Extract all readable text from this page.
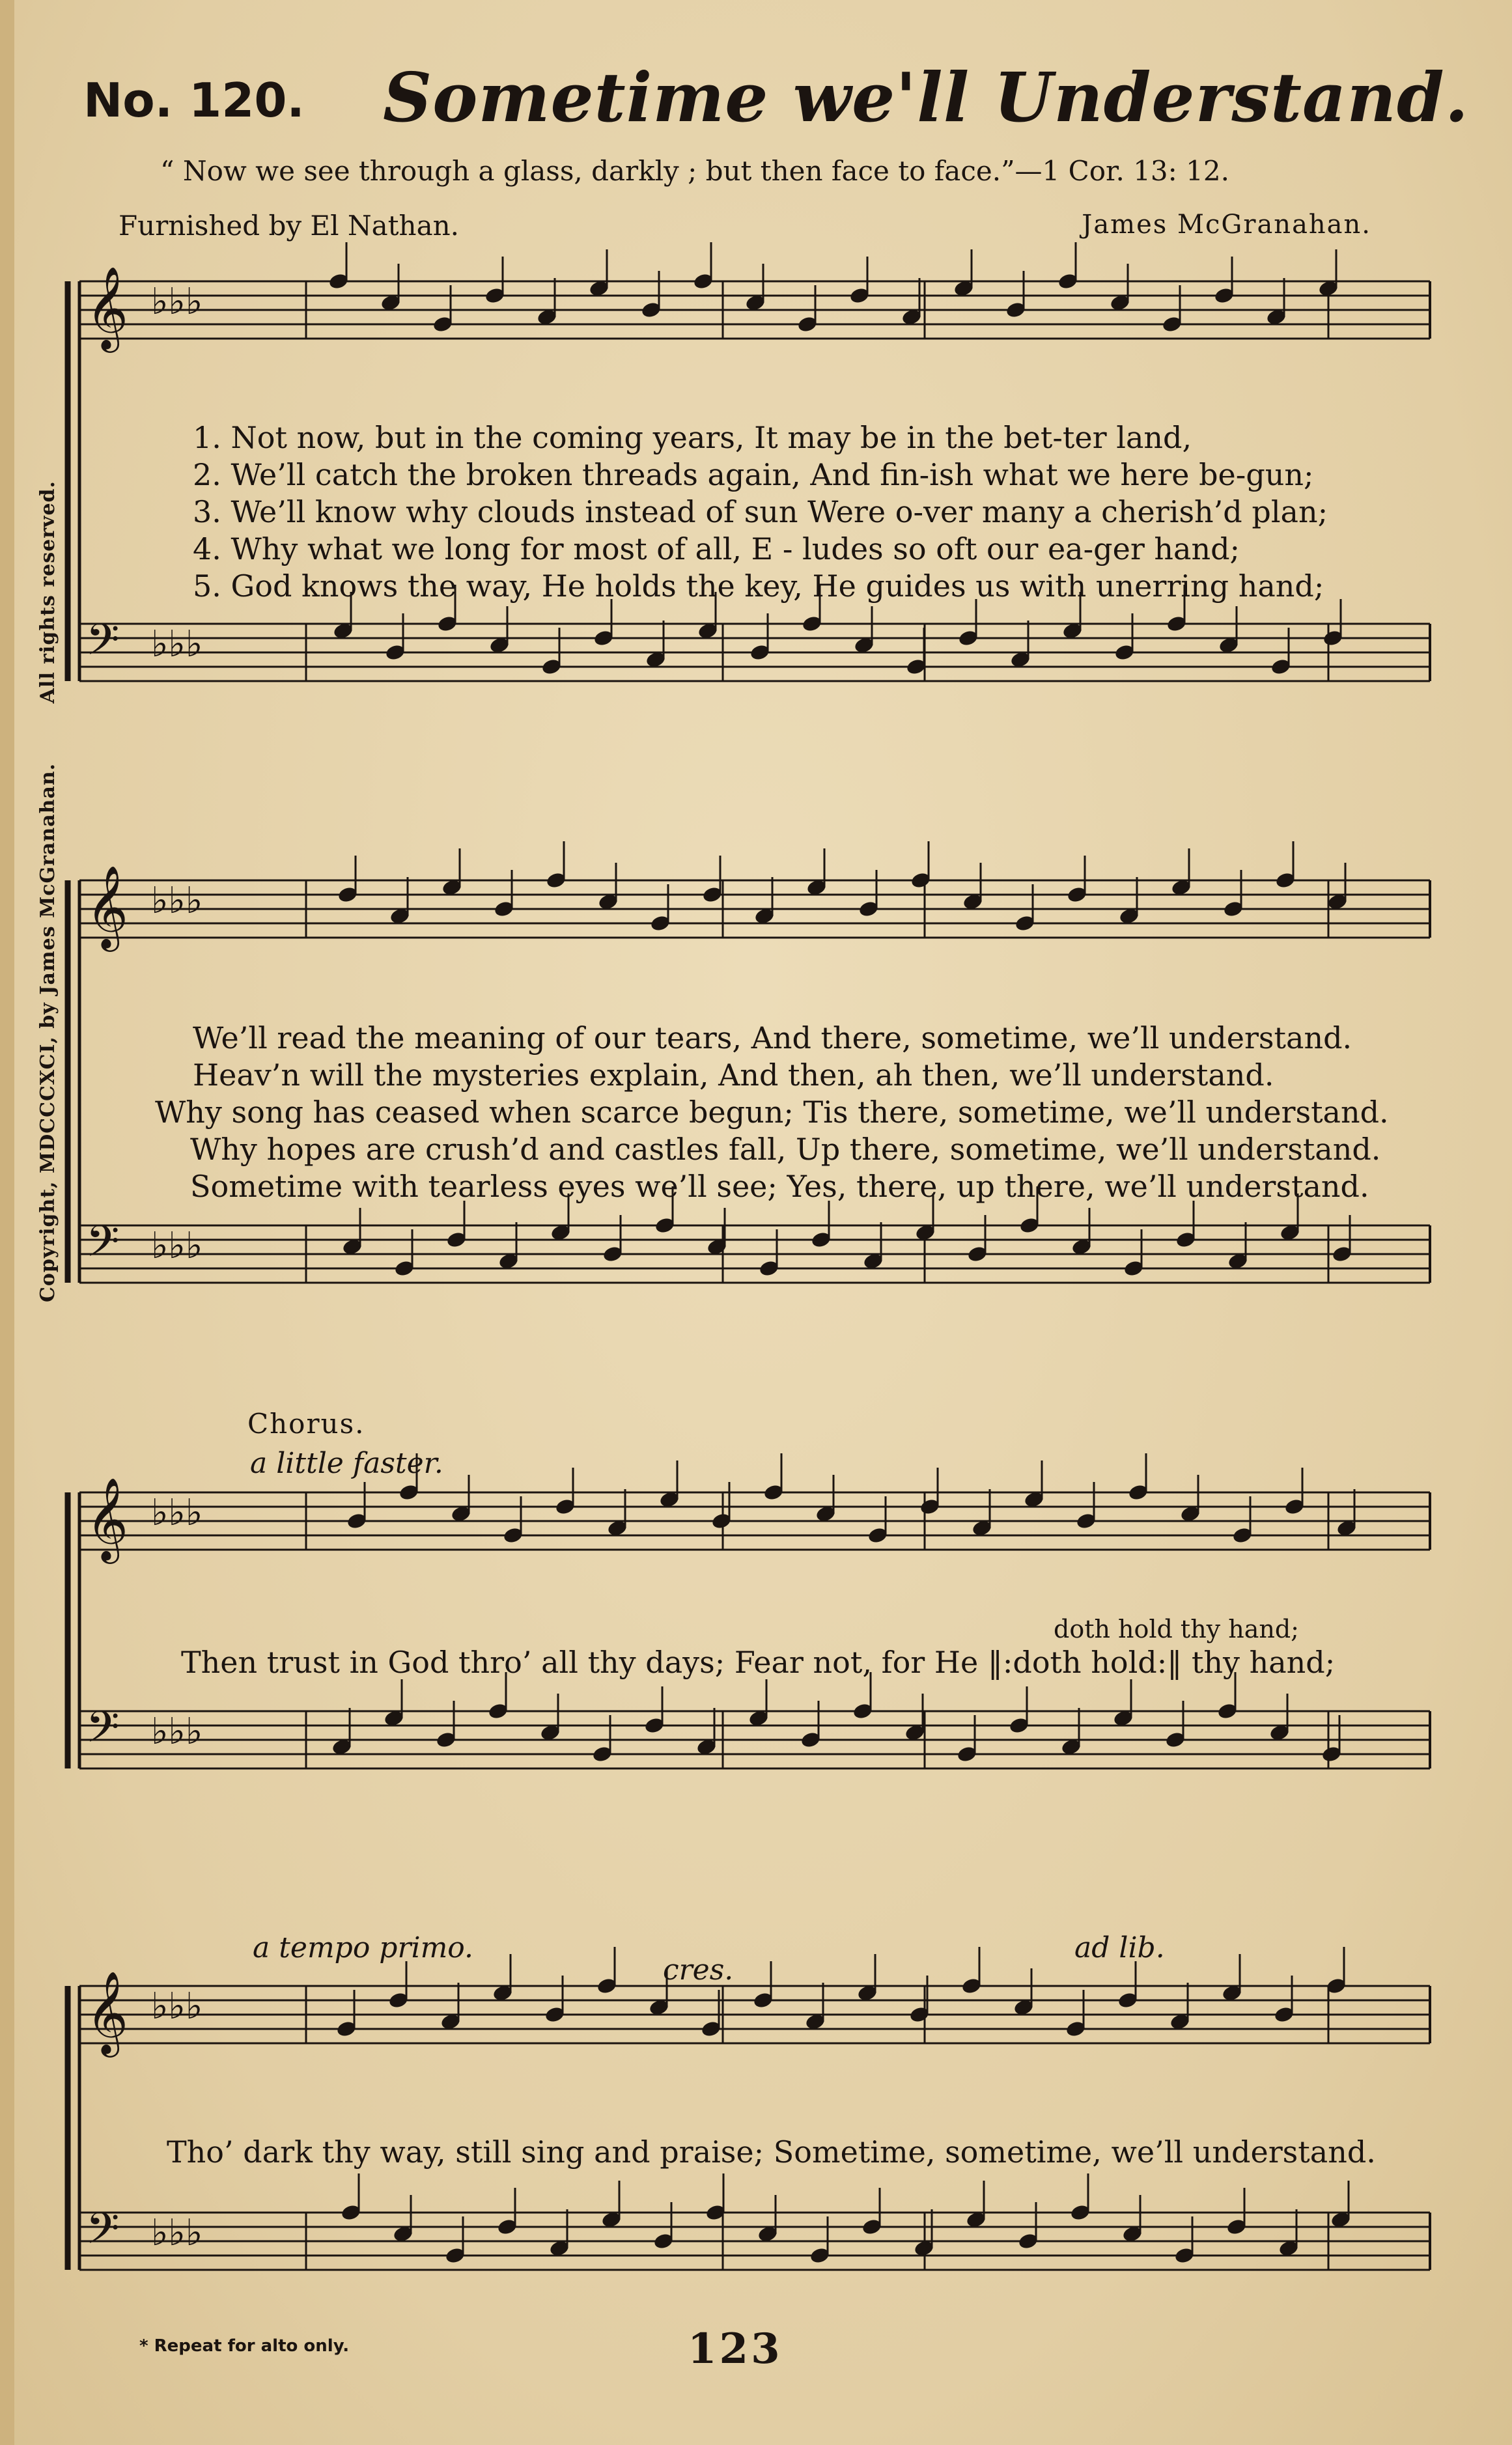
No. 120. Sometime we'll Understand.
“ Now we see through a glass, darkly ; but then face to face.”—1 Cor. 13: 12.
Furnished by El Nathan.	James McGranahan.
Copyright, MDCCCXCI, by James McGranahan. All rights reserved.
𝄞 ♭♭♭
𝄢 ♭♭♭
𝄞 ♭♭♭
𝄢 ♭♭♭
𝄞 ♭♭♭
𝄢 ♭♭♭
𝄞 ♭♭♭
𝄢 ♭♭♭
1. Not now, but in the coming years, It may be in the bet-ter land,
2. We’ll catch the broken threads again, And fin-ish what we here be-gun;
3. We’ll know why clouds instead of sun Were o-ver many a cherish’d plan;
4. Why what we long for most of all, E - ludes so oft our ea-ger hand;
5. God knows the way, He holds the key, He guides us with unerring hand;
We’ll read the meaning of our tears, And there, sometime, we’ll understand.
Heav’n will the mysteries explain, And then, ah then, we’ll understand.
Why song has ceased when scarce begun; Tis there, sometime, we’ll understand.
Why hopes are crush’d and castles fall, Up there, sometime, we’ll understand.
Sometime with tearless eyes we’ll see; Yes, there, up there, we’ll understand.
Chorus.
a little faster.
doth hold thy hand;
Then trust in God thro’ all thy days; Fear not, for He ‖:doth hold:‖ thy hand;
a tempo primo.
cres.
ad lib.
Tho’ dark thy way, still sing and praise; Sometime, sometime, we’ll understand.
* Repeat for alto only.	123
